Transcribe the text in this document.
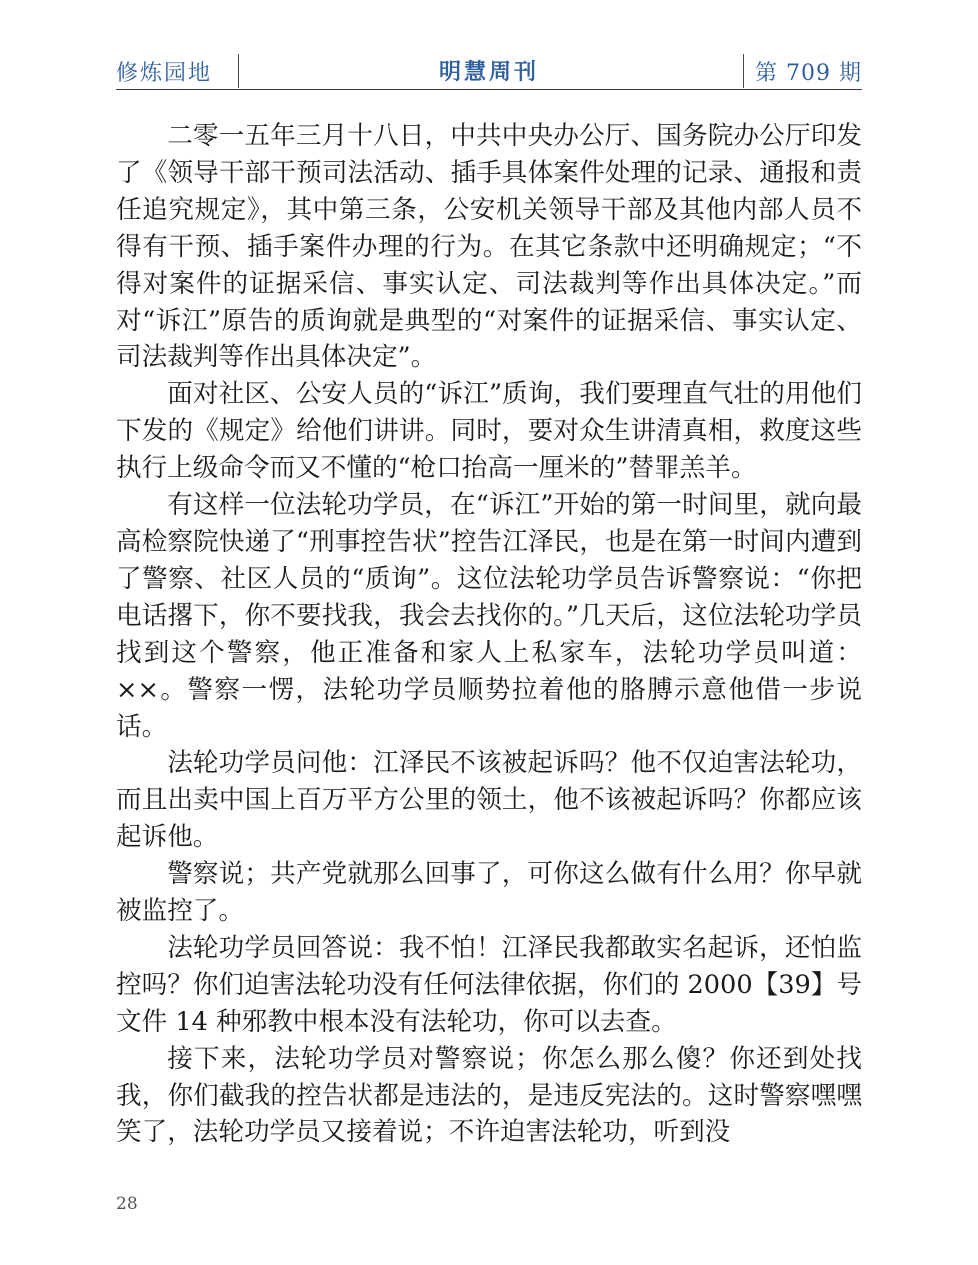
修炼园地	明慧周刊	第 709 期

二零一五年三月十八日，中共中央办公厅、国务院办公厅印发了《领导干部干预司法活动、插手具体案件处理的记录、通报和责任追究规定》，其中第三条，公安机关领导干部及其他内部人员不得有干预、插手案件办理的行为。在其它条款中还明确规定；“不得对案件的证据采信、事实认定、司法裁判等作出具体决定。”而对“诉江”原告的质询就是典型的“对案件的证据采信、事实认定、司法裁判等作出具体决定”。

面对社区、公安人员的“诉江”质询，我们要理直气壮的用他们下发的《规定》给他们讲讲。同时，要对众生讲清真相，救度这些执行上级命令而又不懂的“枪口抬高一厘米的”替罪羔羊。

有这样一位法轮功学员，在“诉江”开始的第一时间里，就向最高检察院快递了“刑事控告状”控告江泽民，也是在第一时间内遭到了警察、社区人员的“质询”。这位法轮功学员告诉警察说：“你把电话撂下，你不要找我，我会去找你的。”几天后，这位法轮功学员找到这个警察，他正准备和家人上私家车，法轮功学员叫道：××。警察一愣，法轮功学员顺势拉着他的胳膊示意他借一步说话。

法轮功学员问他：江泽民不该被起诉吗？他不仅迫害法轮功，而且出卖中国上百万平方公里的领土，他不该被起诉吗？你都应该起诉他。

警察说；共产党就那么回事了，可你这么做有什么用？你早就被监控了。

法轮功学员回答说：我不怕！江泽民我都敢实名起诉，还怕监控吗？你们迫害法轮功没有任何法律依据，你们的 2000【39】号文件 14 种邪教中根本没有法轮功，你可以去查。

接下来，法轮功学员对警察说；你怎么那么傻？你还到处找我，你们截我的控告状都是违法的，是违反宪法的。这时警察嘿嘿笑了，法轮功学员又接着说；不许迫害法轮功，听到没

28
